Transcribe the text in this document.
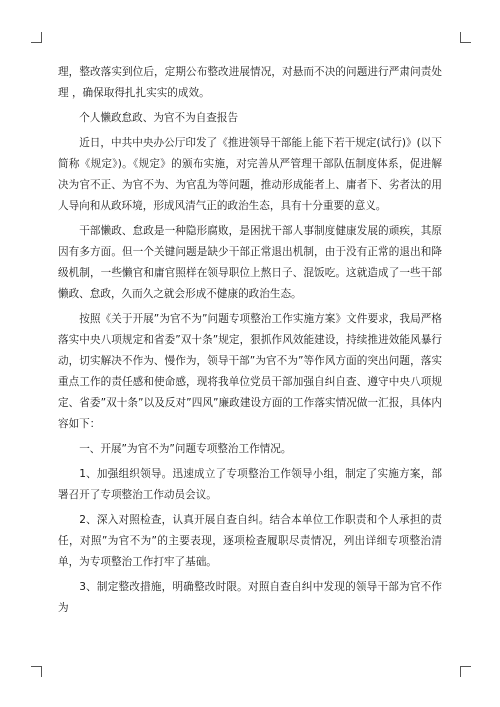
理，整改落实到位后，定期公布整改进展情况，对悬而不决的问题进行严肃问责处理 ，确保取得扎扎实实的成效。

个人懒政怠政、为官不为自查报告

近日，中共中央办公厅印发了《推进领导干部能上能下若干规定(试行)》(以下简称《规定》)。《规定》的颁布实施，对完善从严管理干部队伍制度体系，促进解决为官不正、为官不为、为官乱为等问题，推动形成能者上、庸者下、劣者汰的用人导向和从政环境，形成风清气正的政治生态，具有十分重要的意义。

干部懒政、怠政是一种隐形腐败，是困扰干部人事制度健康发展的顽疾，其原因有多方面。但一个关键问题是缺少干部正常退出机制，由于没有正常的退出和降级机制，一些懒官和庸官照样在领导职位上熬日子、混饭吃。这就造成了一些干部懒政、怠政，久而久之就会形成不健康的政治生态。

按照《关于开展”为官不为”问题专项整治工作实施方案》文件要求，我局严格落实中央八项规定和省委”双十条”规定，狠抓作风效能建设，持续推进效能风暴行动，切实解决不作为、慢作为，领导干部”为官不为”等作风方面的突出问题，落实重点工作的责任感和使命感，现将我单位党员干部加强自纠自查、遵守中央八项规定、省委”双十条”以及反对”四风”廉政建设方面的工作落实情况做一汇报，具体内容如下：

一、开展”为官不为”问题专项整治工作情况。

1、加强组织领导。迅速成立了专项整治工作领导小组，制定了实施方案，部署召开了专项整治工作动员会议。

2、深入对照检查，认真开展自查自纠。结合本单位工作职责和个人承担的责任，对照”为官不为”的主要表现，逐项检查履职尽责情况，列出详细专项整治清单，为专项整治工作打牢了基础。

3、制定整改措施，明确整改时限。对照自查自纠中发现的领导干部为官不作为
